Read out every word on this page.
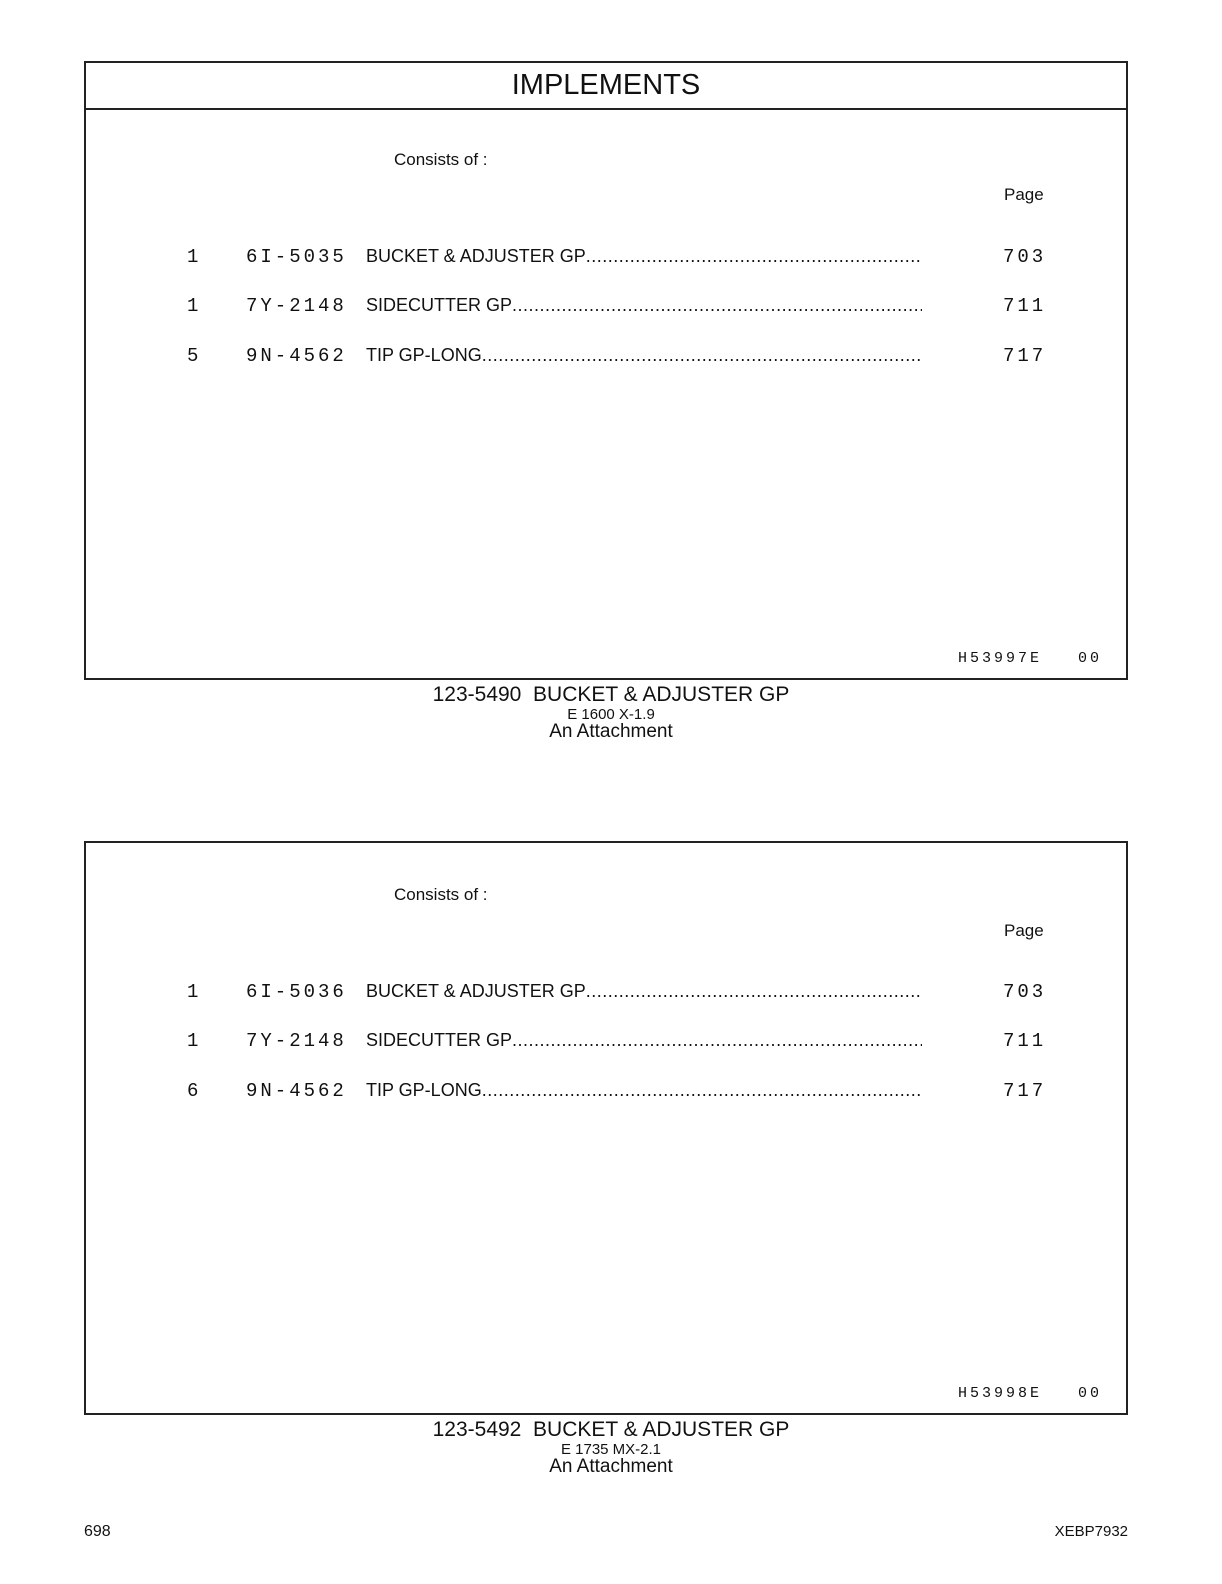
IMPLEMENTS
Consists of :
Page
1	6I-5035 BUCKET & ADJUSTER GP .....	703
1	7Y-2148 SIDECUTTER GP .....	711
5	9N-4562 TIP GP-LONG .....	717
H53997E 00
123-5490  BUCKET & ADJUSTER GP
E 1600 X-1.9
An Attachment
Consists of :
Page
1	6I-5036 BUCKET & ADJUSTER GP .....	703
1	7Y-2148 SIDECUTTER GP .....	711
6	9N-4562 TIP GP-LONG .....	717
H53998E 00
123-5492  BUCKET & ADJUSTER GP
E 1735 MX-2.1
An Attachment
698	XEBP7932
